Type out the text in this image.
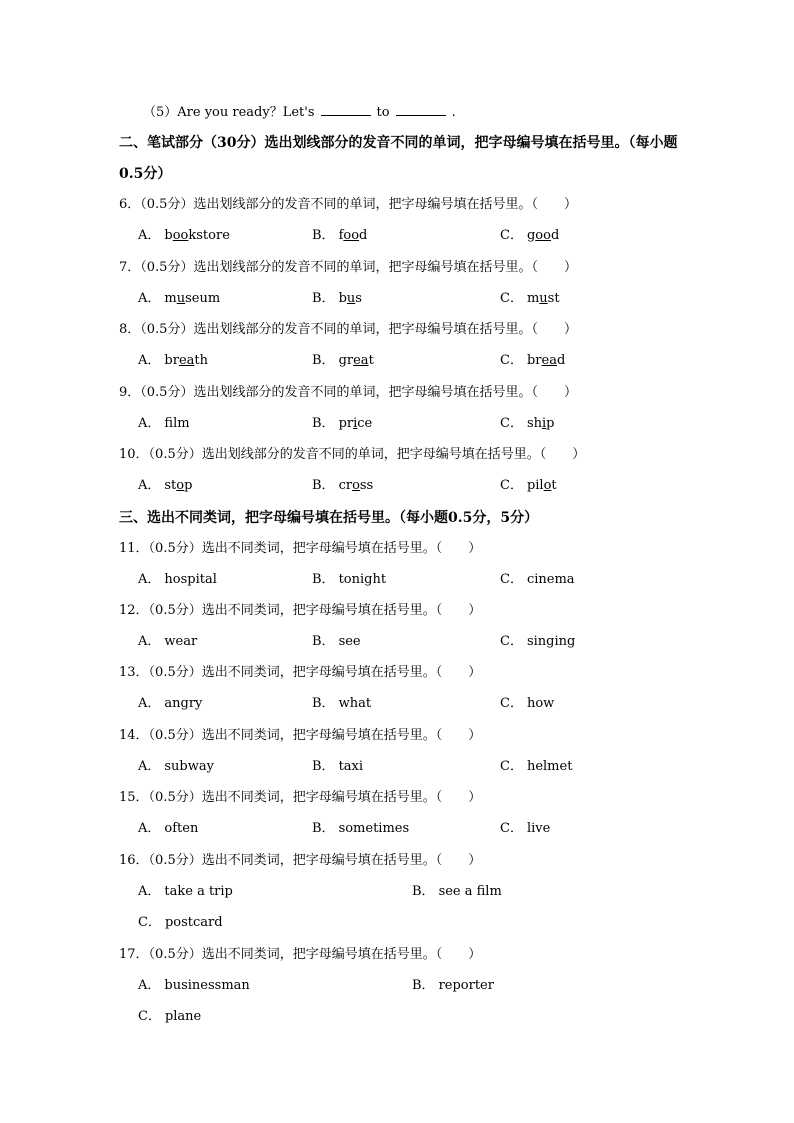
（5）Are you ready？Let's	to	.
二、笔试部分（30分）选出划线部分的发音不同的单词，把字母编号填在括号里。（每小题
0.5分）
6．（0.5分）选出划线部分的发音不同的单词，把字母编号填在括号里。（　　）
A． bookstore	B． food	C． good
7．（0.5分）选出划线部分的发音不同的单词，把字母编号填在括号里。（　　）
A． museum	B． bus	C． must
8．（0.5分）选出划线部分的发音不同的单词，把字母编号填在括号里。（　　）
A． breath	B． great	C． bread
9．（0.5分）选出划线部分的发音不同的单词，把字母编号填在括号里。（　　）
A． flm	B． price	C． ship
10．（0.5分）选出划线部分的发音不同的单词，把字母编号填在括号里。（　　）
A． stop	B． cross	C． pilot
三、选出不同类词，把字母编号填在括号里。（每小题0.5分，5分）
11．（0.5分）选出不同类词，把字母编号填在括号里。（　　）
A． hospital	B． tonight	C． cinema
12．（0.5分）选出不同类词，把字母编号填在括号里。（　　）
A． wear	B． see	C． singing
13．（0.5分）选出不同类词，把字母编号填在括号里。（　　）
A． angry	B． what	C． how
14．（0.5分）选出不同类词，把字母编号填在括号里。（　　）
A． subway	B． taxi	C． helmet
15．（0.5分）选出不同类词，把字母编号填在括号里。（　　）
A． often	B． sometimes	C． live
16．（0.5分）选出不同类词，把字母编号填在括号里。（　　）
A． take a trip	B． see a film
C． postcard
17．（0.5分）选出不同类词，把字母编号填在括号里。（　　）
A． businessman	B． reporter
C． plane
